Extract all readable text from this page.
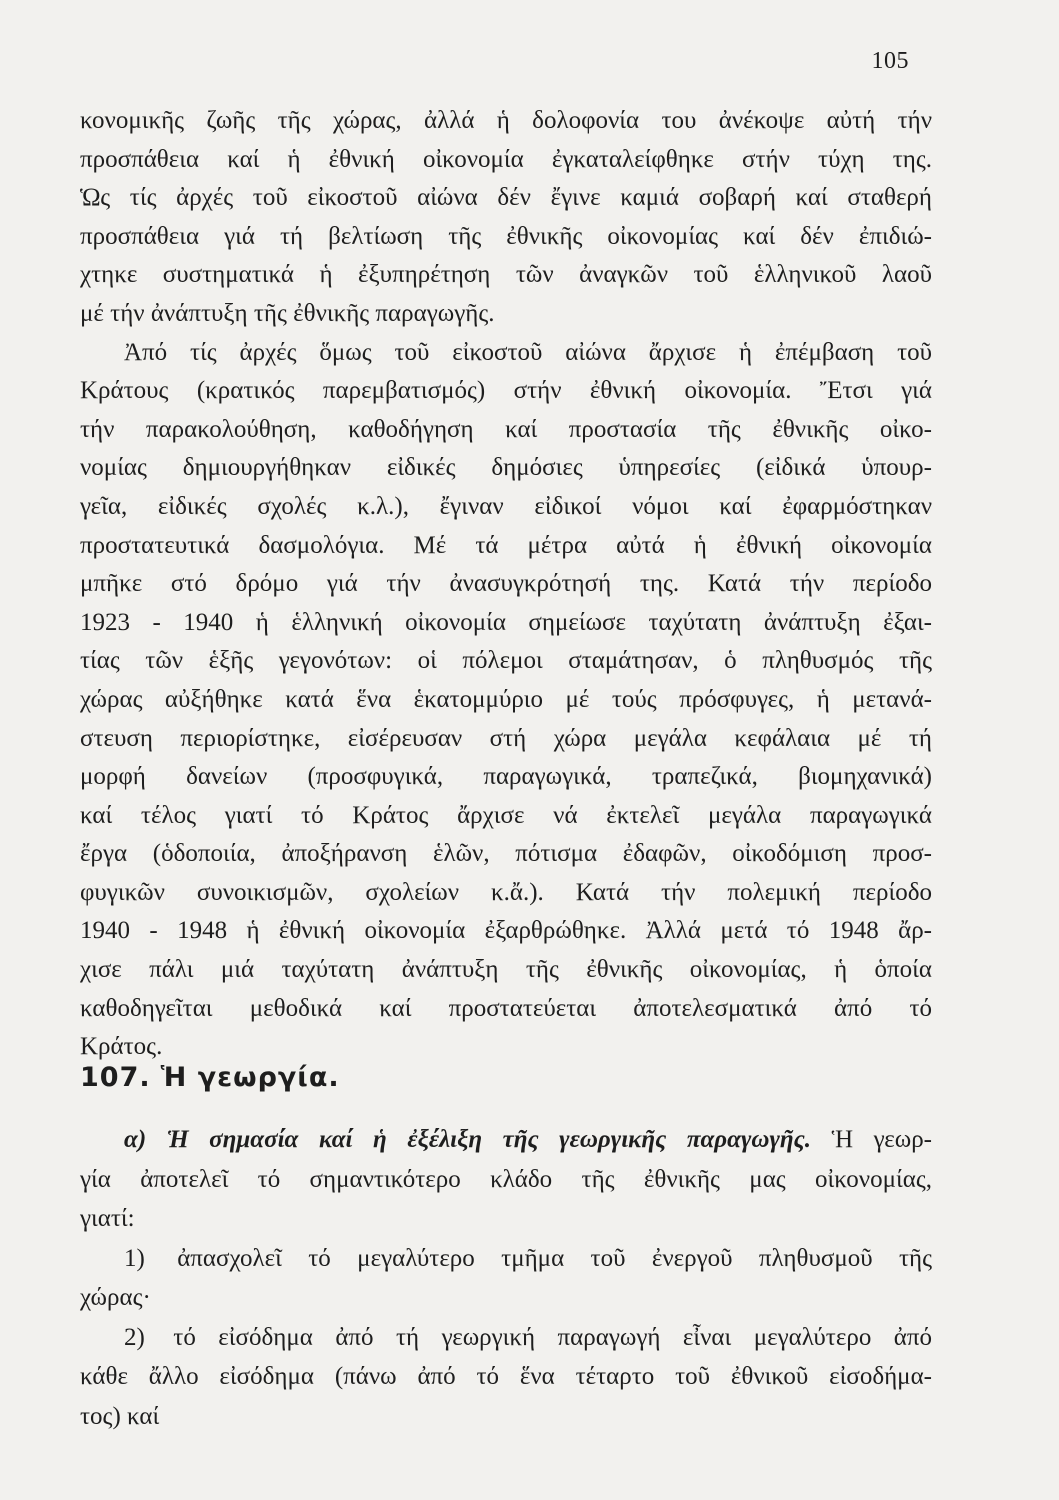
105
κονομικῆς ζωῆς τῆς χώρας, ἀλλά ἡ δολοφονία του ἀνέκοψε αὐτή τήν
προσπάθεια καί ἡ ἐθνική οἰκονομία ἐγκαταλείφθηκε στήν τύχη της.
Ὡς τίς ἀρχές τοῦ εἰκοστοῦ αἰώνα δέν ἔγινε καμιά σοβαρή καί σταθερή
προσπάθεια γιά τή βελτίωση τῆς ἐθνικῆς οἰκονομίας καί δέν ἐπιδιώ-
χτηκε συστηματικά ἡ ἐξυπηρέτηση τῶν ἀναγκῶν τοῦ ἑλληνικοῦ λαοῦ
μέ τήν ἀνάπτυξη τῆς ἐθνικῆς παραγωγῆς.
Ἀπό τίς ἀρχές ὅμως τοῦ εἰκοστοῦ αἰώνα ἄρχισε ἡ ἐπέμβαση τοῦ
Κράτους (κρατικός παρεμβατισμός) στήν ἐθνική οἰκονομία. Ἔτσι γιά
τήν παρακολούθηση, καθοδήγηση καί προστασία τῆς ἐθνικῆς οἰκο-
νομίας δημιουργήθηκαν εἰδικές δημόσιες ὑπηρεσίες (εἰδικά ὑπουρ-
γεῖα, εἰδικές σχολές κ.λ.), ἔγιναν εἰδικοί νόμοι καί ἐφαρμόστηκαν
προστατευτικά δασμολόγια. Μέ τά μέτρα αὐτά ἡ ἐθνική οἰκονομία
μπῆκε στό δρόμο γιά τήν ἀνασυγκρότησή της. Κατά τήν περίοδο
1923 - 1940 ἡ ἑλληνική οἰκονομία σημείωσε ταχύτατη ἀνάπτυξη ἐξαι-
τίας τῶν ἑξῆς γεγονότων: οἱ πόλεμοι σταμάτησαν, ὁ πληθυσμός τῆς
χώρας αὐξήθηκε κατά ἕνα ἑκατομμύριο μέ τούς πρόσφυγες, ἡ μετανά-
στευση περιορίστηκε, εἰσέρευσαν στή χώρα μεγάλα κεφάλαια μέ τή
μορφή δανείων (προσφυγικά, παραγωγικά, τραπεζικά, βιομηχανικά)
καί τέλος γιατί τό Κράτος ἄρχισε νά ἐκτελεῖ μεγάλα παραγωγικά
ἔργα (ὁδοποιία, ἀποξήρανση ἑλῶν, πότισμα ἐδαφῶν, οἰκοδόμιση προσ-
φυγικῶν συνοικισμῶν, σχολείων κ.ἄ.). Κατά τήν πολεμική περίοδο
1940 - 1948 ἡ ἐθνική οἰκονομία ἐξαρθρώθηκε. Ἀλλά μετά τό 1948 ἄρ-
χισε πάλι μιά ταχύτατη ἀνάπτυξη τῆς ἐθνικῆς οἰκονομίας, ἡ ὁποία
καθοδηγεῖται μεθοδικά καί προστατεύεται ἀποτελεσματικά ἀπό τό
Κράτος.
107. Ἡ γεωργία.
α) Ἡ σημασία καί ἡ ἐξέλιξη τῆς γεωργικῆς παραγωγῆς. Ἡ γεωρ-
γία ἀποτελεῖ τό σημαντικότερο κλάδο τῆς ἐθνικῆς μας οἰκονομίας,
γιατί:
1) ἀπασχολεῖ τό μεγαλύτερο τμῆμα τοῦ ἐνεργοῦ πληθυσμοῦ τῆς
χώρας·
2) τό εἰσόδημα ἀπό τή γεωργική παραγωγή εἶναι μεγαλύτερο ἀπό
κάθε ἄλλο εἰσόδημα (πάνω ἀπό τό ἕνα τέταρτο τοῦ ἐθνικοῦ εἰσοδήμα-
τος) καί
